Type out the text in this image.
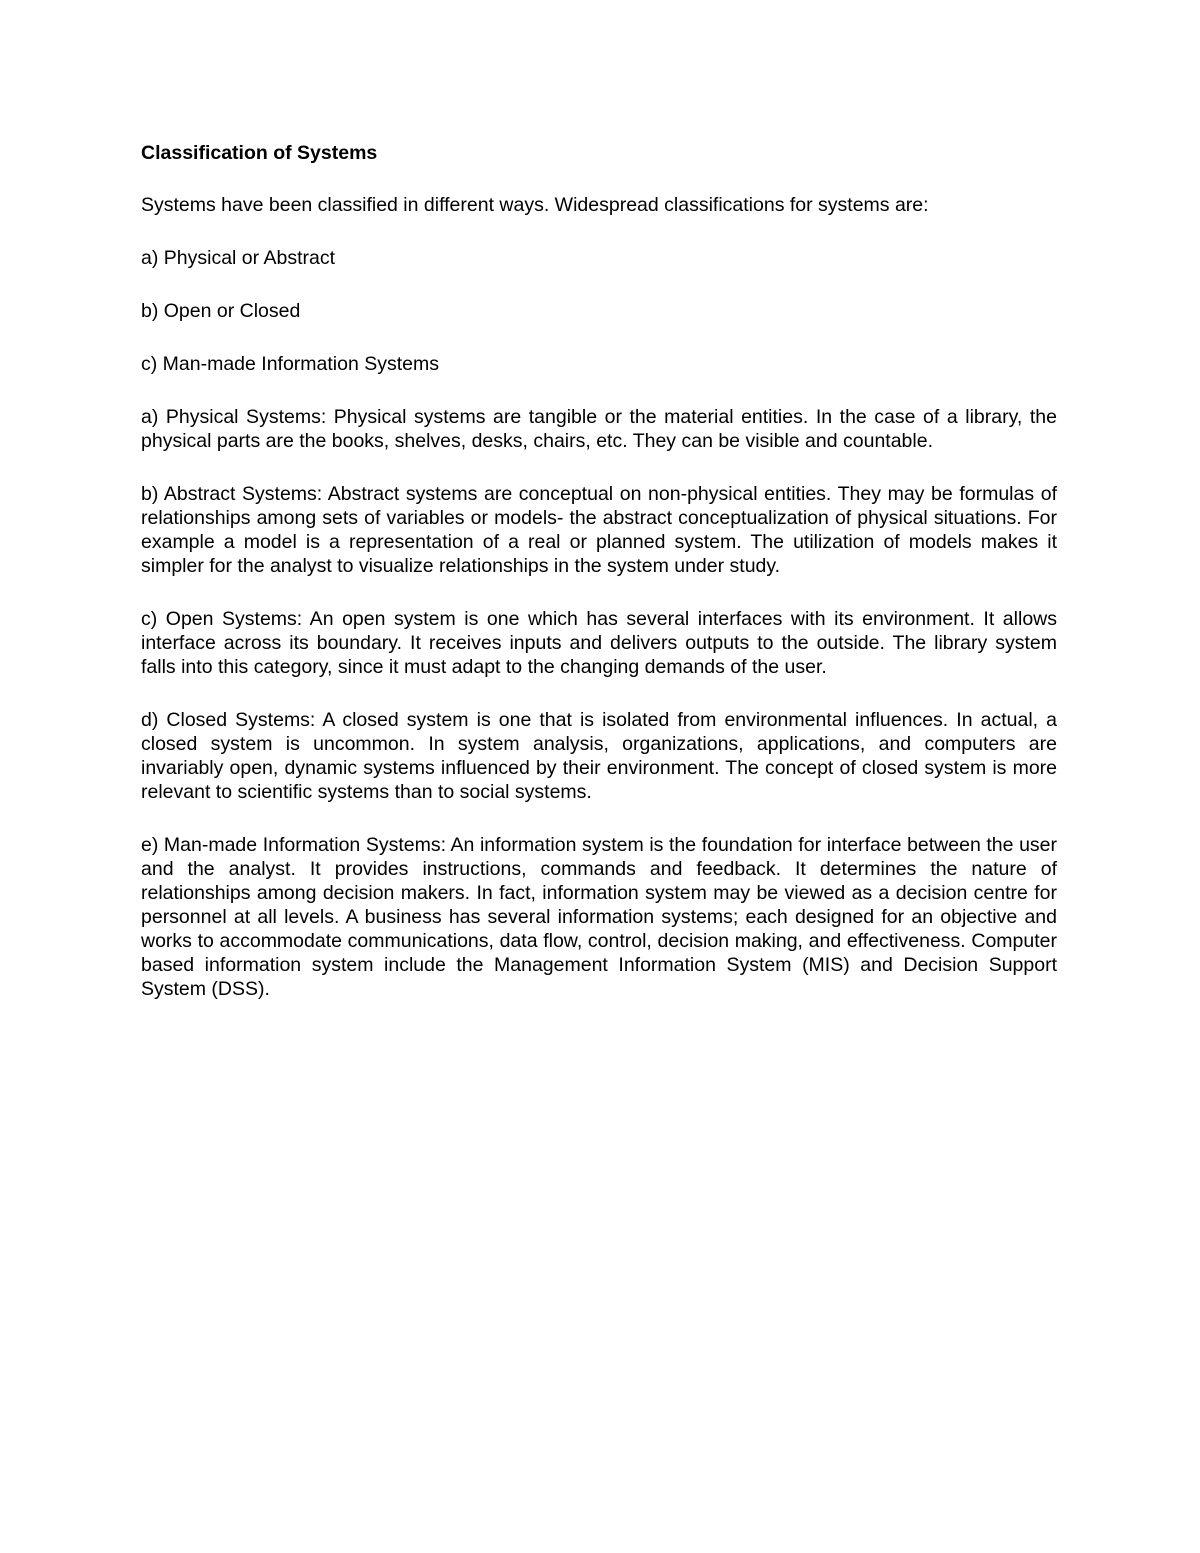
Classification of Systems

Systems have been classified in different ways. Widespread classifications for systems are:

a) Physical or Abstract

b) Open or Closed

c) Man-made Information Systems

a) Physical Systems: Physical systems are tangible or the material entities. In the case of a library, the physical parts are the books, shelves, desks, chairs, etc. They can be visible and countable.

b) Abstract Systems: Abstract systems are conceptual on non-physical entities. They may be formulas of relationships among sets of variables or models- the abstract conceptualization of physical situations. For example a model is a representation of a real or planned system. The utilization of models makes it simpler for the analyst to visualize relationships in the system under study.

c) Open Systems: An open system is one which has several interfaces with its environment. It allows interface across its boundary. It receives inputs and delivers outputs to the outside. The library system falls into this category, since it must adapt to the changing demands of the user.

d) Closed Systems: A closed system is one that is isolated from environmental influences. In actual, a closed system is uncommon. In system analysis, organizations, applications, and computers are invariably open, dynamic systems influenced by their environment. The concept of closed system is more relevant to scientific systems than to social systems.

e) Man-made Information Systems: An information system is the foundation for interface between the user and the analyst. It provides instructions, commands and feedback. It determines the nature of relationships among decision makers. In fact, information system may be viewed as a decision centre for personnel at all levels. A business has several information systems; each designed for an objective and works to accommodate communications, data flow, control, decision making, and effectiveness. Computer based information system include the Management Information System (MIS) and Decision Support System (DSS).
